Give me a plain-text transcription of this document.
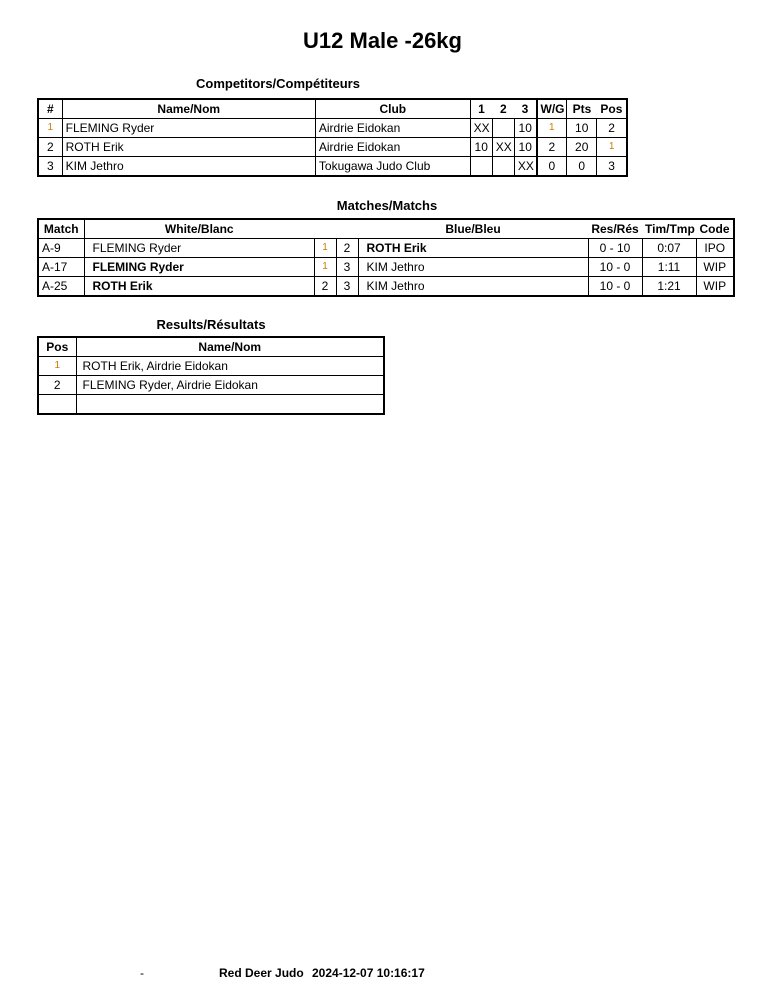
U12 Male -26kg
Competitors/Compétiteurs
#	Name/Nom	Club	1	2	3	W/G	Pts	Pos
1	FLEMING Ryder	Airdrie Eidokan	XX		10	1	10	2
2	ROTH Erik	Airdrie Eidokan	10	XX	10	2	20	1
3	KIM Jethro	Tokugawa Judo Club			XX	0	0	3
Matches/Matchs
Match	White/Blanc			Blue/Bleu	Res/Rés	Tim/Tmp	Code
A-9	FLEMING Ryder	1	2	ROTH Erik	0 - 10	0:07	IPO
A-17	FLEMING Ryder	1	3	KIM Jethro	10 - 0	1:11	WIP
A-25	ROTH Erik	2	3	KIM Jethro	10 - 0	1:21	WIP
Results/Résultats
Pos	Name/Nom
1	ROTH Erik, Airdrie Eidokan
2	FLEMING Ryder, Airdrie Eidokan

-	Red Deer Judo 2024-12-07 10:16:17
